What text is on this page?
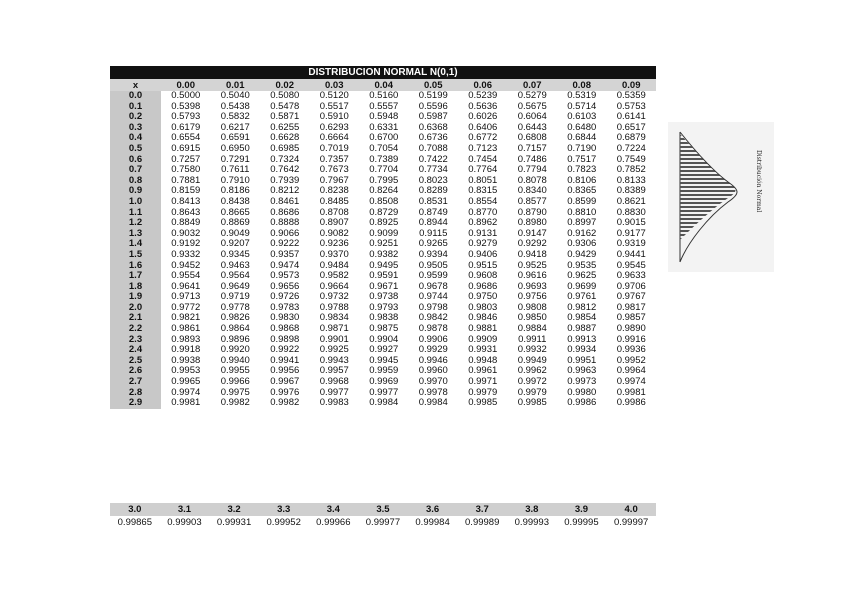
DISTRIBUCION NORMAL N(0,1)
x	0.00	0.01	0.02	0.03	0.04	0.05	0.06	0.07	0.08	0.09
0.0	0.5000	0.5040	0.5080	0.5120	0.5160	0.5199	0.5239	0.5279	0.5319	0.5359
0.1	0.5398	0.5438	0.5478	0.5517	0.5557	0.5596	0.5636	0.5675	0.5714	0.5753
0.2	0.5793	0.5832	0.5871	0.5910	0.5948	0.5987	0.6026	0.6064	0.6103	0.6141
0.3	0.6179	0.6217	0.6255	0.6293	0.6331	0.6368	0.6406	0.6443	0.6480	0.6517
0.4	0.6554	0.6591	0.6628	0.6664	0.6700	0.6736	0.6772	0.6808	0.6844	0.6879
0.5	0.6915	0.6950	0.6985	0.7019	0.7054	0.7088	0.7123	0.7157	0.7190	0.7224
0.6	0.7257	0.7291	0.7324	0.7357	0.7389	0.7422	0.7454	0.7486	0.7517	0.7549
0.7	0.7580	0.7611	0.7642	0.7673	0.7704	0.7734	0.7764	0.7794	0.7823	0.7852
0.8	0.7881	0.7910	0.7939	0.7967	0.7995	0.8023	0.8051	0.8078	0.8106	0.8133
0.9	0.8159	0.8186	0.8212	0.8238	0.8264	0.8289	0.8315	0.8340	0.8365	0.8389
1.0	0.8413	0.8438	0.8461	0.8485	0.8508	0.8531	0.8554	0.8577	0.8599	0.8621
1.1	0.8643	0.8665	0.8686	0.8708	0.8729	0.8749	0.8770	0.8790	0.8810	0.8830
1.2	0.8849	0.8869	0.8888	0.8907	0.8925	0.8944	0.8962	0.8980	0.8997	0.9015
1.3	0.9032	0.9049	0.9066	0.9082	0.9099	0.9115	0.9131	0.9147	0.9162	0.9177
1.4	0.9192	0.9207	0.9222	0.9236	0.9251	0.9265	0.9279	0.9292	0.9306	0.9319
1.5	0.9332	0.9345	0.9357	0.9370	0.9382	0.9394	0.9406	0.9418	0.9429	0.9441
1.6	0.9452	0.9463	0.9474	0.9484	0.9495	0.9505	0.9515	0.9525	0.9535	0.9545
1.7	0.9554	0.9564	0.9573	0.9582	0.9591	0.9599	0.9608	0.9616	0.9625	0.9633
1.8	0.9641	0.9649	0.9656	0.9664	0.9671	0.9678	0.9686	0.9693	0.9699	0.9706
1.9	0.9713	0.9719	0.9726	0.9732	0.9738	0.9744	0.9750	0.9756	0.9761	0.9767
2.0	0.9772	0.9778	0.9783	0.9788	0.9793	0.9798	0.9803	0.9808	0.9812	0.9817
2.1	0.9821	0.9826	0.9830	0.9834	0.9838	0.9842	0.9846	0.9850	0.9854	0.9857
2.2	0.9861	0.9864	0.9868	0.9871	0.9875	0.9878	0.9881	0.9884	0.9887	0.9890
2.3	0.9893	0.9896	0.9898	0.9901	0.9904	0.9906	0.9909	0.9911	0.9913	0.9916
2.4	0.9918	0.9920	0.9922	0.9925	0.9927	0.9929	0.9931	0.9932	0.9934	0.9936
2.5	0.9938	0.9940	0.9941	0.9943	0.9945	0.9946	0.9948	0.9949	0.9951	0.9952
2.6	0.9953	0.9955	0.9956	0.9957	0.9959	0.9960	0.9961	0.9962	0.9963	0.9964
2.7	0.9965	0.9966	0.9967	0.9968	0.9969	0.9970	0.9971	0.9972	0.9973	0.9974
2.8	0.9974	0.9975	0.9976	0.9977	0.9977	0.9978	0.9979	0.9979	0.9980	0.9981
2.9	0.9981	0.9982	0.9982	0.9983	0.9984	0.9984	0.9985	0.9985	0.9986	0.9986
3.0	3.1	3.2	3.3	3.4	3.5	3.6	3.7	3.8	3.9	4.0
0.99865	0.99903	0.99931	0.99952	0.99966	0.99977	0.99984	0.99989	0.99993	0.99995	0.99997
Distribución Normal
